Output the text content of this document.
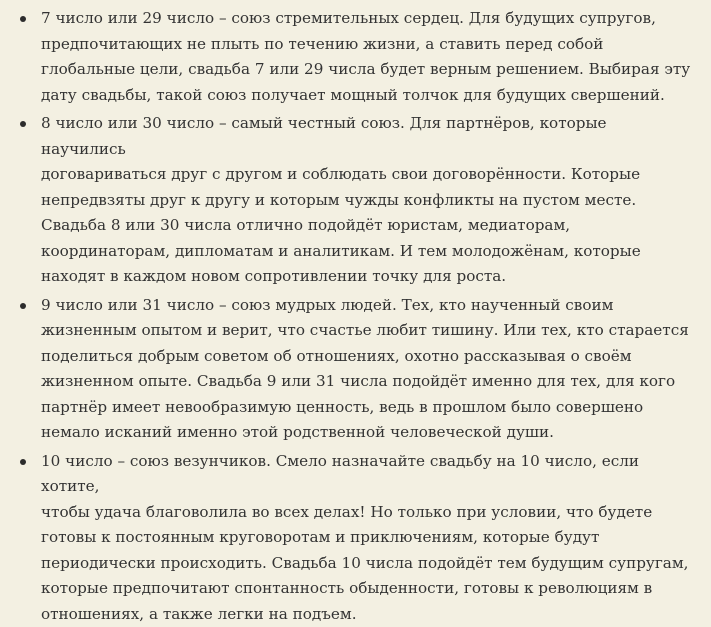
7 число или 29 число – союз стремительных сердец. Для будущих супругов,
предпочитающих не плыть по течению жизни, а ставить перед собой
глобальные цели, свадьба 7 или 29 числа будет верным решением. Выбирая эту
дату свадьбы, такой союз получает мощный толчок для будущих свершений.
8 число или 30 число – самый честный союз. Для партнёров, которые научились
договариваться друг с другом и соблюдать свои договорённости. Которые
непредвзяты друг к другу и которым чужды конфликты на пустом месте.
Свадьба 8 или 30 числа отлично подойдёт юристам, медиаторам,
координаторам, дипломатам и аналитикам. И тем молодожёнам, которые
находят в каждом новом сопротивлении точку для роста.
9 число или 31 число – союз мудрых людей. Тех, кто наученный своим
жизненным опытом и верит, что счастье любит тишину. Или тех, кто старается
поделиться добрым советом об отношениях, охотно рассказывая о своём
жизненном опыте. Свадьба 9 или 31 числа подойдёт именно для тех, для кого
партнёр имеет невообразимую ценность, ведь в прошлом было совершено
немало исканий именно этой родственной человеческой души.
10 число – союз везунчиков. Смело назначайте свадьбу на 10 число, если хотите,
чтобы удача благоволила во всех делах! Но только при условии, что будете
готовы к постоянным круговоротам и приключениям, которые будут
периодически происходить. Свадьба 10 числа подойдёт тем будущим супругам,
которые предпочитают спонтанность обыденности, готовы к революциям в
отношениях, а также легки на подъем.
